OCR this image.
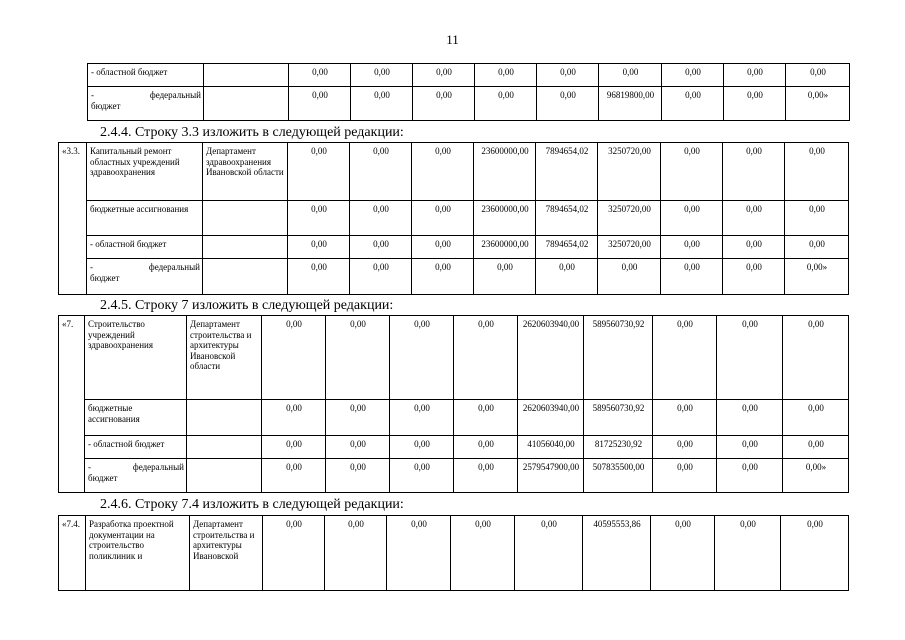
11
- областной бюджет		0,00	0,00	0,00	0,00	0,00	0,00	0,00	0,00	0,00

- федеральный
бюджет		0,00	0,00	0,00	0,00	0,00	96819800,00	0,00	0,00	0,00»
2.4.4. Строку 3.3 изложить в следующей редакции:
«3.3.	Капитальный ремонт областных учреждений здравоохранения	Департамент здравоохранения Ивановской области	0,00	0,00	0,00	23600000,00	7894654,02	3250720,00	0,00	0,00	0,00
	бюджетные ассигнования		0,00	0,00	0,00	23600000,00	7894654,02	3250720,00	0,00	0,00	0,00
	- областной бюджет		0,00	0,00	0,00	23600000,00	7894654,02	3250720,00	0,00	0,00	0,00

	- федеральный
бюджет		0,00	0,00	0,00	0,00	0,00	0,00	0,00	0,00	0,00»
2.4.5. Строку 7 изложить в следующей редакции:
«7.	Строительство учреждений здравоохранения	Департамент строительства и архитектуры Ивановской области	0,00	0,00	0,00	0,00	2620603940,00	589560730,92	0,00	0,00	0,00
	бюджетные ассигнования		0,00	0,00	0,00	0,00	2620603940,00	589560730,92	0,00	0,00	0,00
	- областной бюджет		0,00	0,00	0,00	0,00	41056040,00	81725230,92	0,00	0,00	0,00

	- федеральный
бюджет		0,00	0,00	0,00	0,00	2579547900,00	507835500,00	0,00	0,00	0,00»
2.4.6. Строку 7.4 изложить в следующей редакции:
«7.4.	Разработка проектной документации на строительство поликлиник и	Департамент строительства и архитектуры Ивановской	0,00	0,00	0,00	0,00	0,00	40595553,86	0,00	0,00	0,00
